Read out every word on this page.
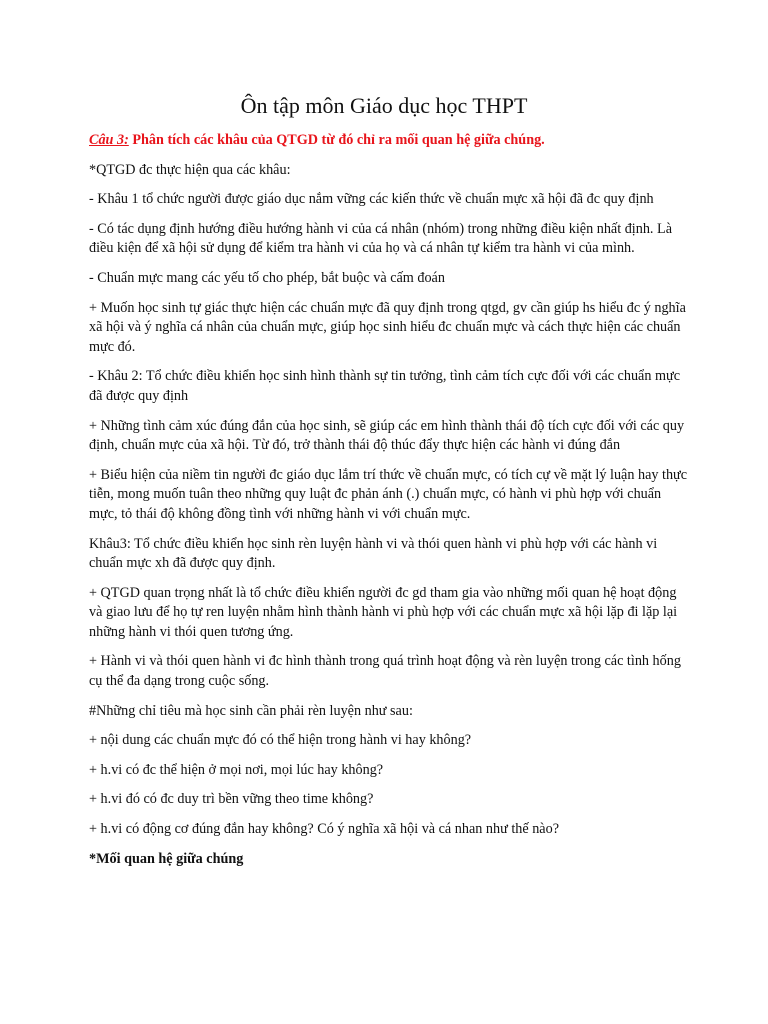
Ôn tập môn Giáo dục học THPT

Câu 3: Phân tích các khâu của QTGD từ đó chỉ ra mối quan hệ giữa chúng.

*QTGD đc thực hiện qua các khâu:

- Khâu 1 tổ chức người được giáo dục nắm vững các kiến thức về chuẩn mực xã hội đã đc quy định

- Có tác dụng định hướng điều hướng hành vi của cá nhân (nhóm) trong những điều kiện nhất định. Là điều kiện để xã hội sử dụng để kiểm tra hành vi của họ và cá nhân tự kiểm tra hành vi của mình.

- Chuẩn mực mang các yếu tố cho phép, bắt buộc và cấm đoán

+ Muốn học sinh tự giác thực hiện các chuẩn mực đã quy định trong qtgd, gv cần giúp hs hiểu đc ý nghĩa xã hội và ý nghĩa cá nhân của chuẩn mực, giúp học sinh hiểu đc chuẩn mực và cách thực hiện các chuẩn mực đó.

- Khâu 2: Tổ chức điều khiển học sinh hình thành sự tin tưởng, tình cảm tích cực đối với các chuẩn mực đã được quy định

+ Những tình cảm xúc đúng đắn của học sinh, sẽ giúp các em hình thành thái độ tích cực đối với các quy định, chuẩn mực của xã hội. Từ đó, trở thành thái độ thúc đẩy thực hiện các hành vi đúng đắn

+ Biểu hiện của niềm tin người đc giáo dục lắm trí thức về chuẩn mực, có tích cự về mặt lý luận hay thực tiễn, mong muốn tuân theo những quy luật đc phản ánh (.) chuẩn mực, có hành vi phù hợp với chuẩn mực, tỏ thái độ không đồng tình với những hành vi với chuẩn mực.

Khâu3: Tổ chức điều khiển học sinh rèn luyện hành vi và thói quen hành vi phù hợp với các hành vi chuẩn mực xh đã được quy định.

+ QTGD quan trọng nhất là tổ chức điều khiển người đc gd tham gia vào những mối quan hệ hoạt động và giao lưu để họ tự ren luyện nhằm hình thành hành vi phù hợp với các chuẩn mực xã hội lặp đi lặp lại những hành vi thói quen tương ứng.

+ Hành vi và thói quen hành vi đc hình thành trong quá trình hoạt động và rèn luyện trong các tình hống cụ thể đa dạng trong cuộc sống.

#Những chỉ tiêu mà học sinh cần phải rèn luyện như sau:

+ nội dung các chuẩn mực đó có thể hiện trong hành vi hay không?

+ h.vi có đc thể hiện ở mọi nơi, mọi lúc hay không?

+ h.vi đó có đc duy trì bền vững theo time không?

+ h.vi có động cơ đúng đắn hay không? Có ý nghĩa xã hội và cá nhan như thế nào?

*Mối quan hệ giữa chúng
